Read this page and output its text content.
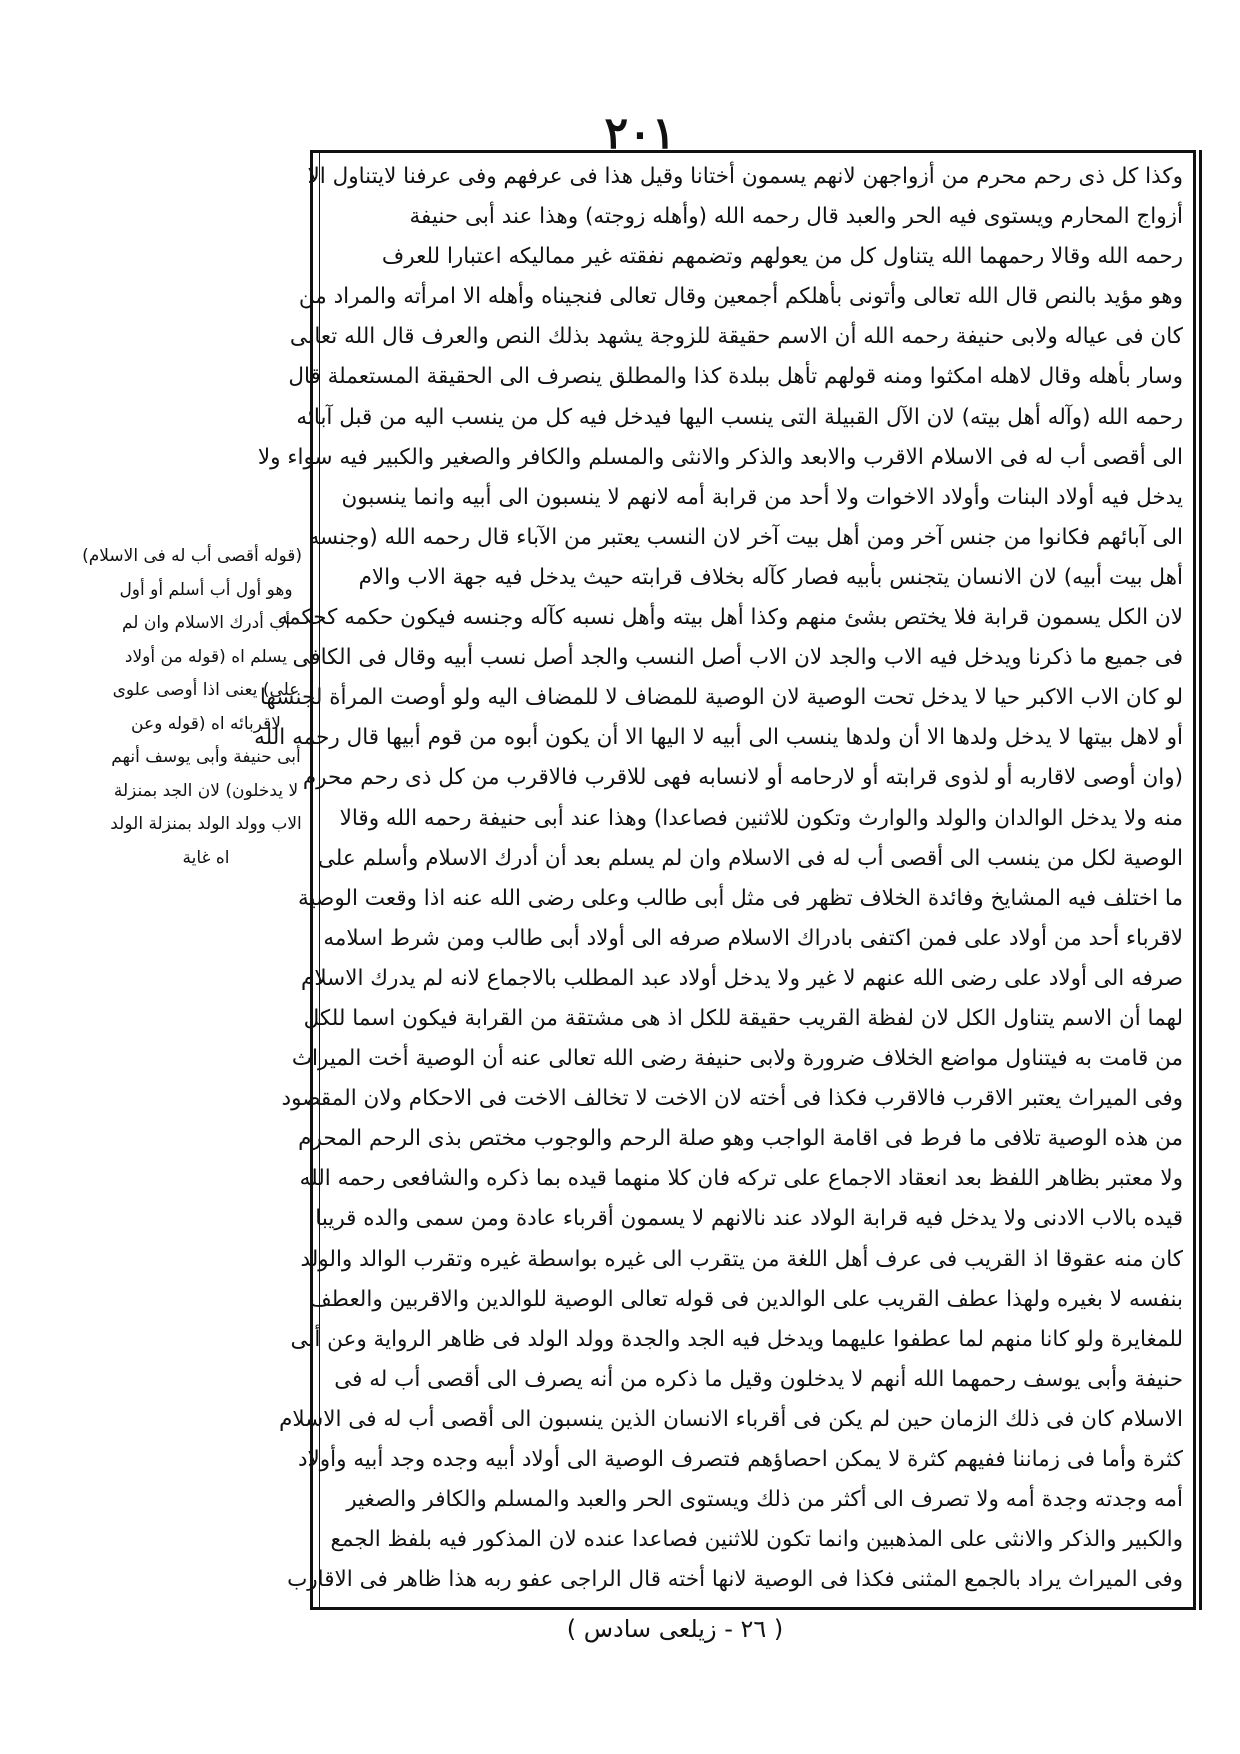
٢٠١

وكذا كل ذى رحم محرم من أزواجهن لانهم يسمون أختانا وقيل هذا فى عرفهم وفى عرفنا لايتناول الا

أزواج المحارم ويستوى فيه الحر والعبد قال رحمه الله (وأهله زوجته) وهذا عند أبى حنيفة

رحمه الله وقالا رحمهما الله يتناول كل من يعولهم وتضمهم نفقته غير مماليكه اعتبارا للعرف

وهو مؤيد بالنص قال الله تعالى وأتونى بأهلكم أجمعين وقال تعالى فنجيناه وأهله الا امرأته والمراد من

كان فى عياله ولابى حنيفة رحمه الله أن الاسم حقيقة للزوجة يشهد بذلك النص والعرف قال الله تعالى

وسار بأهله وقال لاهله امكثوا ومنه قولهم تأهل ببلدة كذا والمطلق ينصرف الى الحقيقة المستعملة قال

رحمه الله (وآله أهل بيته) لان الآل القبيلة التى ينسب اليها فيدخل فيه كل من ينسب اليه من قبل آبائه

الى أقصى أب له فى الاسلام الاقرب والابعد والذكر والانثى والمسلم والكافر والصغير والكبير فيه سواء ولا

يدخل فيه أولاد البنات وأولاد الاخوات ولا أحد من قرابة أمه لانهم لا ينسبون الى أبيه وانما ينسبون

الى آبائهم فكانوا من جنس آخر ومن أهل بيت آخر لان النسب يعتبر من الآباء قال رحمه الله (وجنسه

أهل بيت أبيه) لان الانسان يتجنس بأبيه فصار كآله بخلاف قرابته حيث يدخل فيه جهة الاب والام

لان الكل يسمون قرابة فلا يختص بشئ منهم وكذا أهل بيته وأهل نسبه كآله وجنسه فيكون حكمه كحكمه

فى جميع ما ذكرنا ويدخل فيه الاب والجد لان الاب أصل النسب والجد أصل نسب أبيه وقال فى الكافى

لو كان الاب الاكبر حيا لا يدخل تحت الوصية لان الوصية للمضاف لا للمضاف اليه ولو أوصت المرأة لجنسها

أو لاهل بيتها لا يدخل ولدها الا أن ولدها ينسب الى أبيه لا اليها الا أن يكون أبوه من قوم أبيها قال رحمه الله

(وان أوصى لاقاربه أو لذوى قرابته أو لارحامه أو لانسابه فهى للاقرب فالاقرب من كل ذى رحم محرم

منه ولا يدخل الوالدان والولد والوارث وتكون للاثنين فصاعدا) وهذا عند أبى حنيفة رحمه الله وقالا

الوصية لكل من ينسب الى أقصى أب له فى الاسلام وان لم يسلم بعد أن أدرك الاسلام وأسلم على

ما اختلف فيه المشايخ وفائدة الخلاف تظهر فى مثل أبى طالب وعلى رضى الله عنه اذا وقعت الوصية

لاقرباء أحد من أولاد على فمن اكتفى بادراك الاسلام صرفه الى أولاد أبى طالب ومن شرط اسلامه

صرفه الى أولاد على رضى الله عنهم لا غير ولا يدخل أولاد عبد المطلب بالاجماع لانه لم يدرك الاسلام

لهما أن الاسم يتناول الكل لان لفظة القريب حقيقة للكل اذ هى مشتقة من القرابة فيكون اسما للكل

من قامت به فيتناول مواضع الخلاف ضرورة ولابى حنيفة رضى الله تعالى عنه أن الوصية أخت الميراث

وفى الميراث يعتبر الاقرب فالاقرب فكذا فى أخته لان الاخت لا تخالف الاخت فى الاحكام ولان المقصود

من هذه الوصية تلافى ما فرط فى اقامة الواجب وهو صلة الرحم والوجوب مختص بذى الرحم المحرم

ولا معتبر بظاهر اللفظ بعد انعقاد الاجماع على تركه فان كلا منهما قيده بما ذكره والشافعى رحمه الله

قيده بالاب الادنى ولا يدخل فيه قرابة الولاد عند نالانهم لا يسمون أقرباء عادة ومن سمى والده قريبا

كان منه عقوقا اذ القريب فى عرف أهل اللغة من يتقرب الى غيره بواسطة غيره وتقرب الوالد والولد

بنفسه لا بغيره ولهذا عطف القريب على الوالدين فى قوله تعالى الوصية للوالدين والاقربين والعطف

للمغايرة ولو كانا منهم لما عطفوا عليهما ويدخل فيه الجد والجدة وولد الولد فى ظاهر الرواية وعن أبى

حنيفة وأبى يوسف رحمهما الله أنهم لا يدخلون وقيل ما ذكره من أنه يصرف الى أقصى أب له فى

الاسلام كان فى ذلك الزمان حين لم يكن فى أقرباء الانسان الذين ينسبون الى أقصى أب له فى الاسلام

كثرة وأما فى زماننا ففيهم كثرة لا يمكن احصاؤهم فتصرف الوصية الى أولاد أبيه وجده وجد أبيه وأولاد

أمه وجدته وجدة أمه ولا تصرف الى أكثر من ذلك ويستوى الحر والعبد والمسلم والكافر والصغير

والكبير والذكر والانثى على المذهبين وانما تكون للاثنين فصاعدا عنده لان المذكور فيه بلفظ الجمع

وفى الميراث يراد بالجمع المثنى فكذا فى الوصية لانها أخته قال الراجى عفو ربه هذا ظاهر فى الاقارب

(قوله أقصى أب له فى الاسلام)

وهو أول أب أسلم أو أول

أب أدرك الاسلام وان لم

يسلم اه (قوله من أولاد

على) يعنى اذا أوصى علوى

لاقربائه اه (قوله وعن

أبى حنيفة وأبى يوسف أنهم

لا يدخلون) لان الجد بمنزلة

الاب وولد الولد بمنزلة الولد

اه غاية

( ٢٦ - زيلعى سادس )
